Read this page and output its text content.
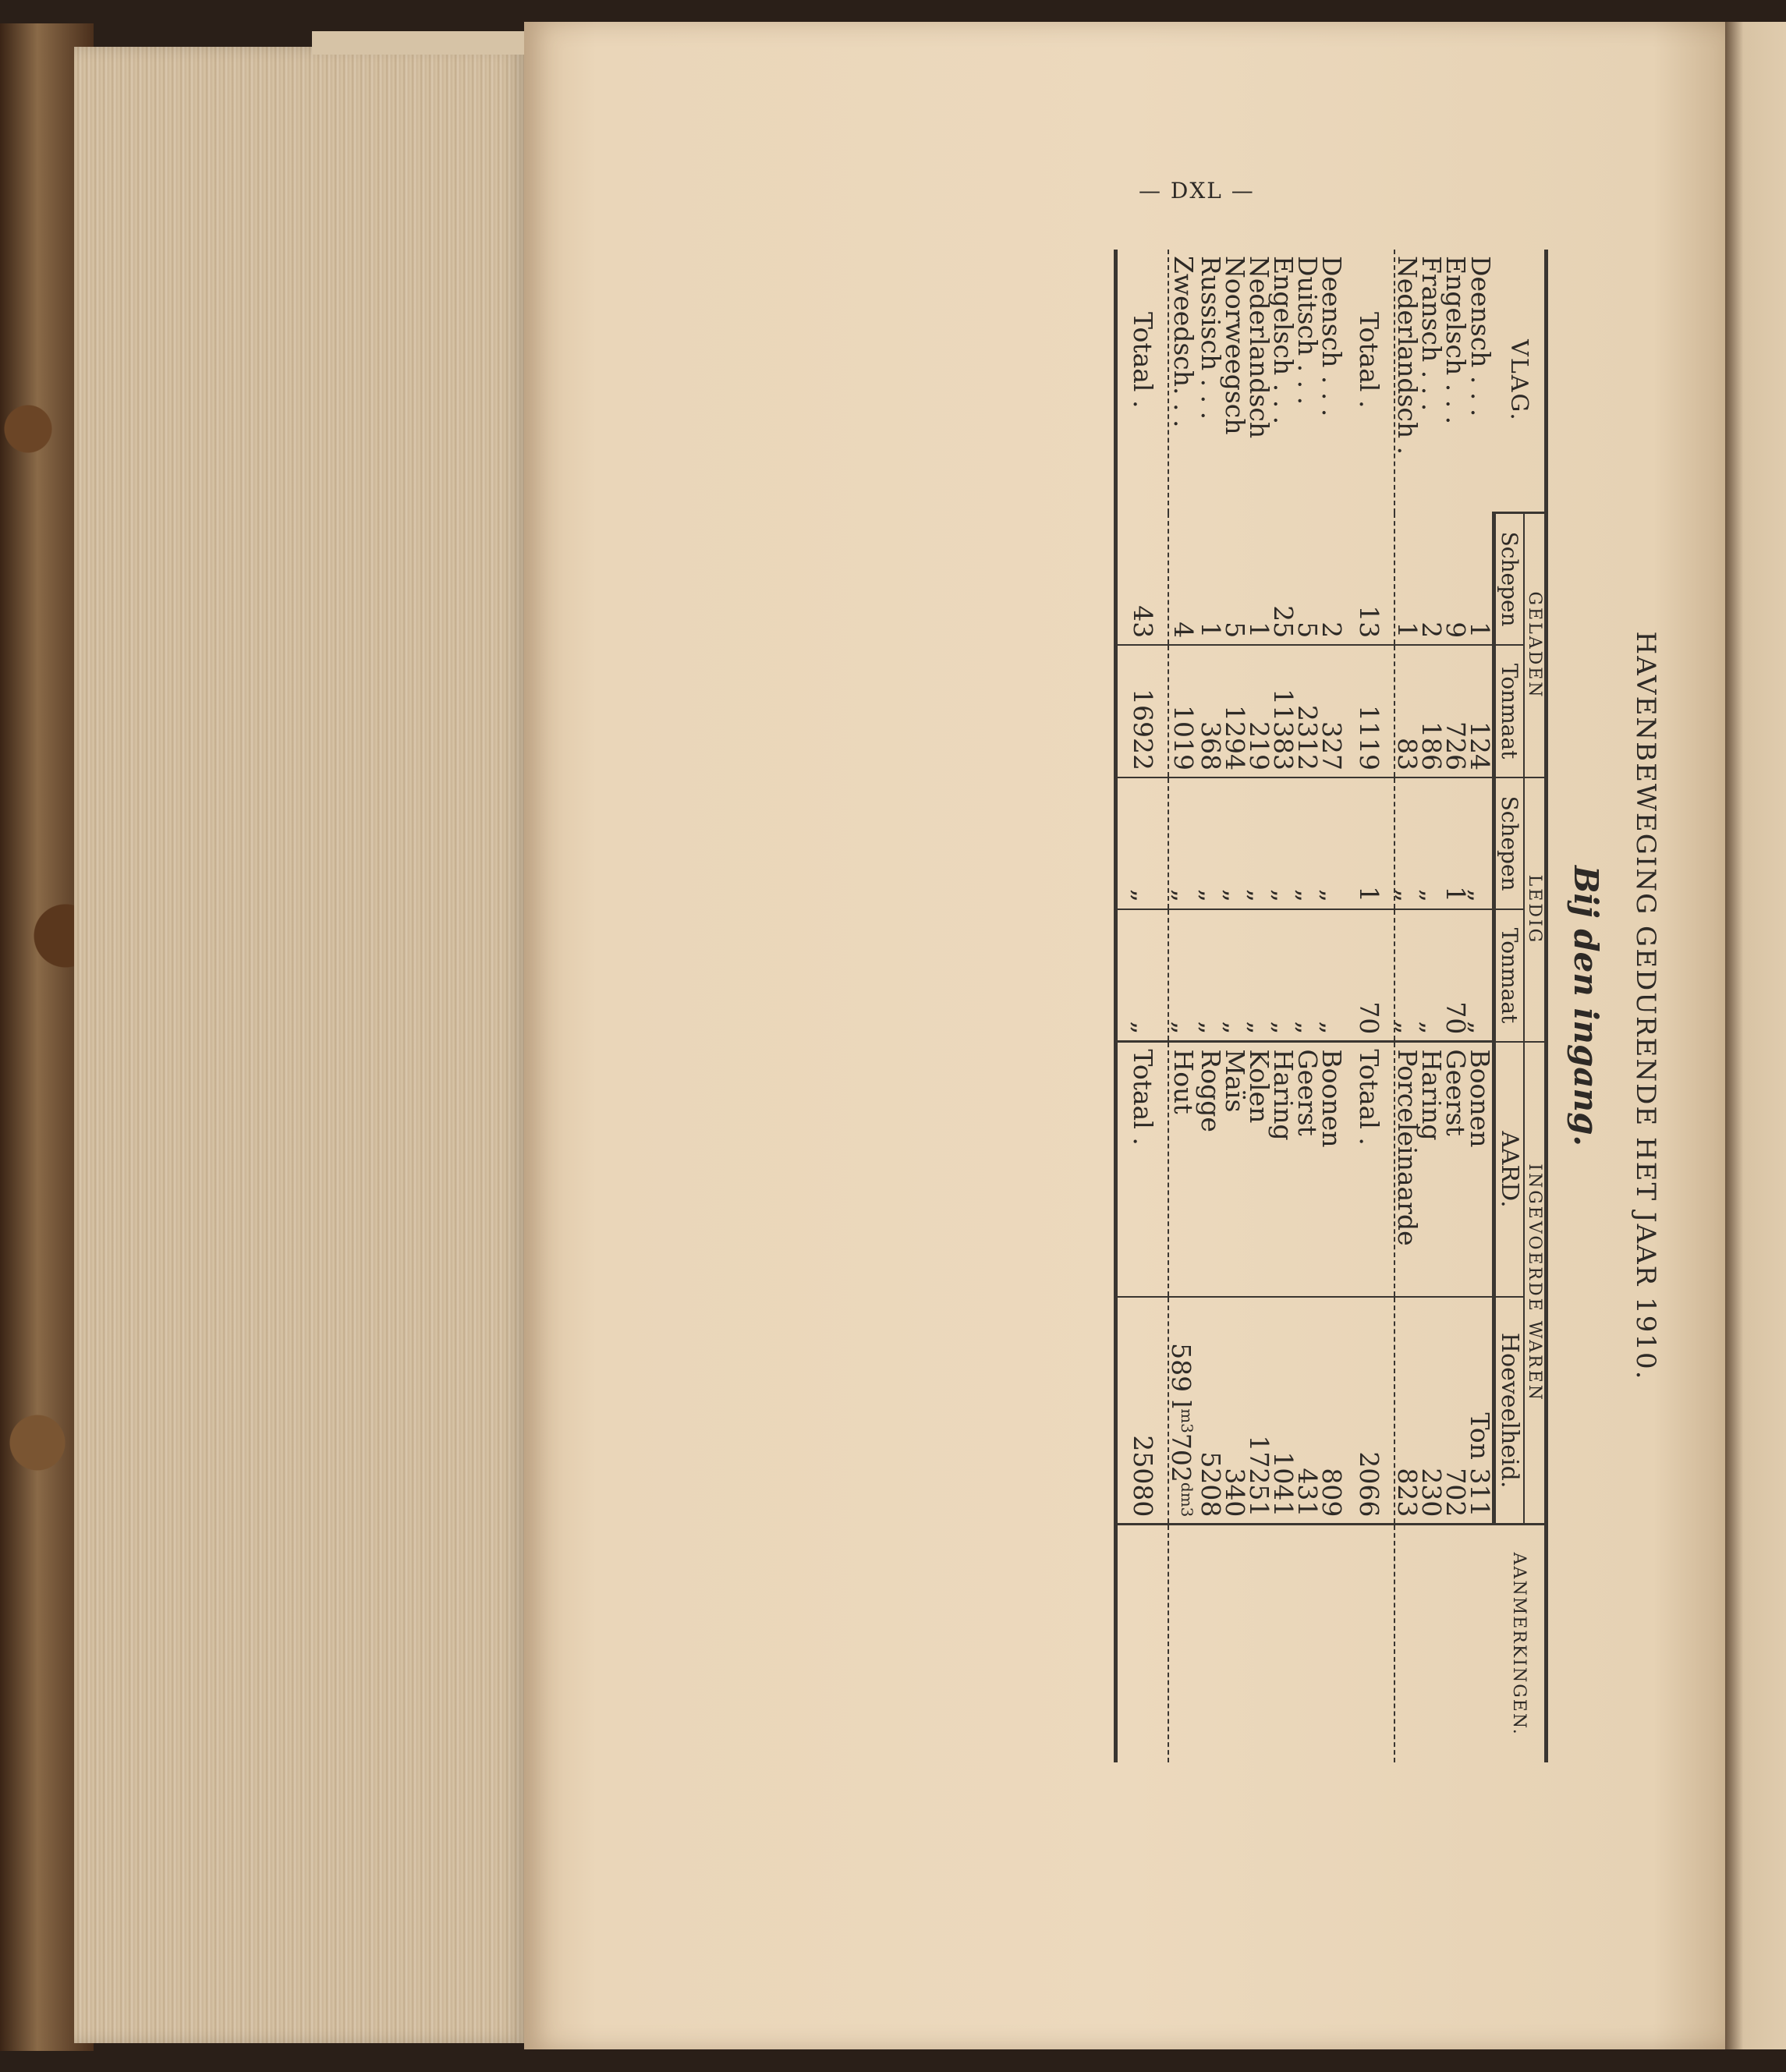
— DXL —
HAVENBEWEGING GEDURENDE HET JAAR 1910.
Bij den ingang.
VLAG.	GELADEN		LEDIG		INGEVOERDE WAREN		AANMERKINGEN.
	Schepen	Tonmaat	Schepen	Tonmaat	AARD.	Hoeveelheid.	
Deensch . . .	1	124	„	„	Boonen	Ton 311	
Engelsch . . .	9	726	1	70	Geerst	702	
Fransch . . .	2	186	„	„	Haring	230	
Nederlandsch .	1	83	„	„	Porceleinaarde	823	
Totaal .	13	1119	1	70	Totaal .	2066	
Deensch . . .	2	327	„	„	Boonen	809	
Duitsch . . .	5	2312	„	„	Geerst	431	
Engelsch . . .	25	11383	„	„	Haring	1041	
Nederlandsch	1	219	„	„	Kolen	17251	
Noorweegsch	5	1294	„	„	Maïs	340	
Russisch . . .	1	368	„	„	Rogge	5208	
Zweedsch. . .	4	1019	„	„	Hout	589 $l^{m3}702^{dm3}$	
Totaal .	43	16922	„	„	Totaal .	25080	
